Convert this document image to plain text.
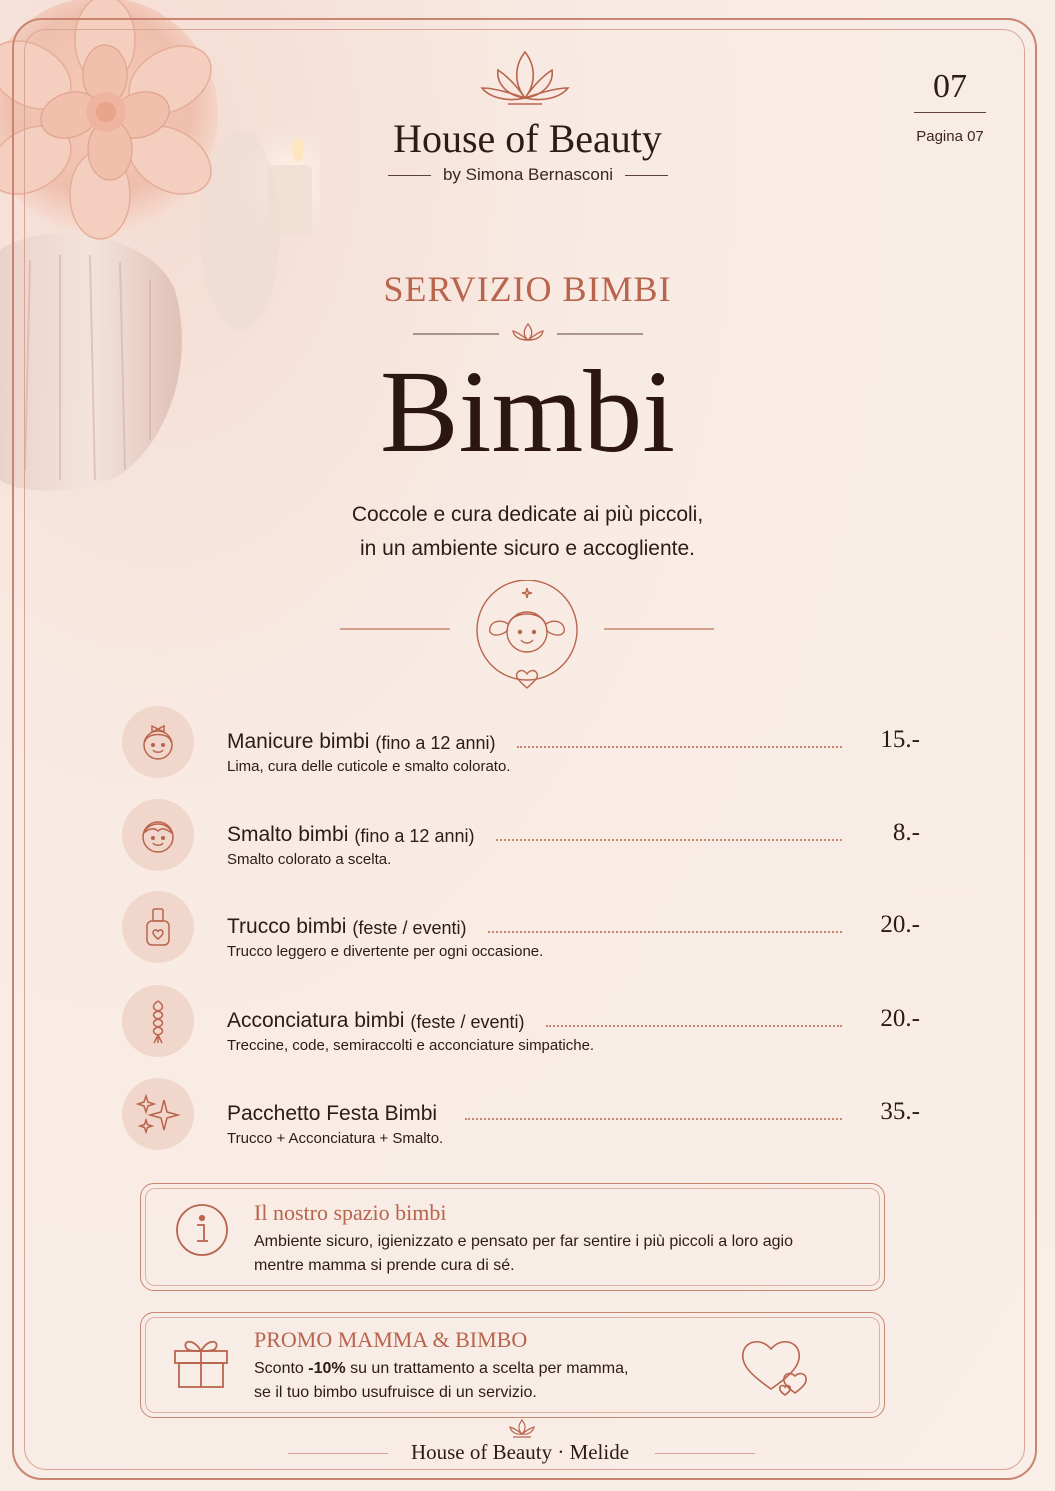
House of Beauty
by Simona Bernasconi
07
Pagina 07
SERVIZIO BIMBI
Bimbi
Coccole e cura dedicate ai più piccoli,
in un ambiente sicuro e accogliente.
Manicure bimbi (fino a 12 anni)	15.-
Lima, cura delle cuticole e smalto colorato.
Smalto bimbi (fino a 12 anni)	8.-
Smalto colorato a scelta.
Trucco bimbi (feste / eventi)	20.-
Trucco leggero e divertente per ogni occasione.
Acconciatura bimbi (feste / eventi)	20.-
Treccine, code, semiraccolti e acconciature simpatiche.
Pacchetto Festa Bimbi	35.-
Trucco + Acconciatura + Smalto.
Il nostro spazio bimbi
Ambiente sicuro, igienizzato e pensato per far sentire i più piccoli a loro agio
mentre mamma si prende cura di sé.
PROMO MAMMA & BIMBO
Sconto -10% su un trattamento a scelta per mamma,
se il tuo bimbo usufruisce di un servizio.
House of Beauty · Melide
